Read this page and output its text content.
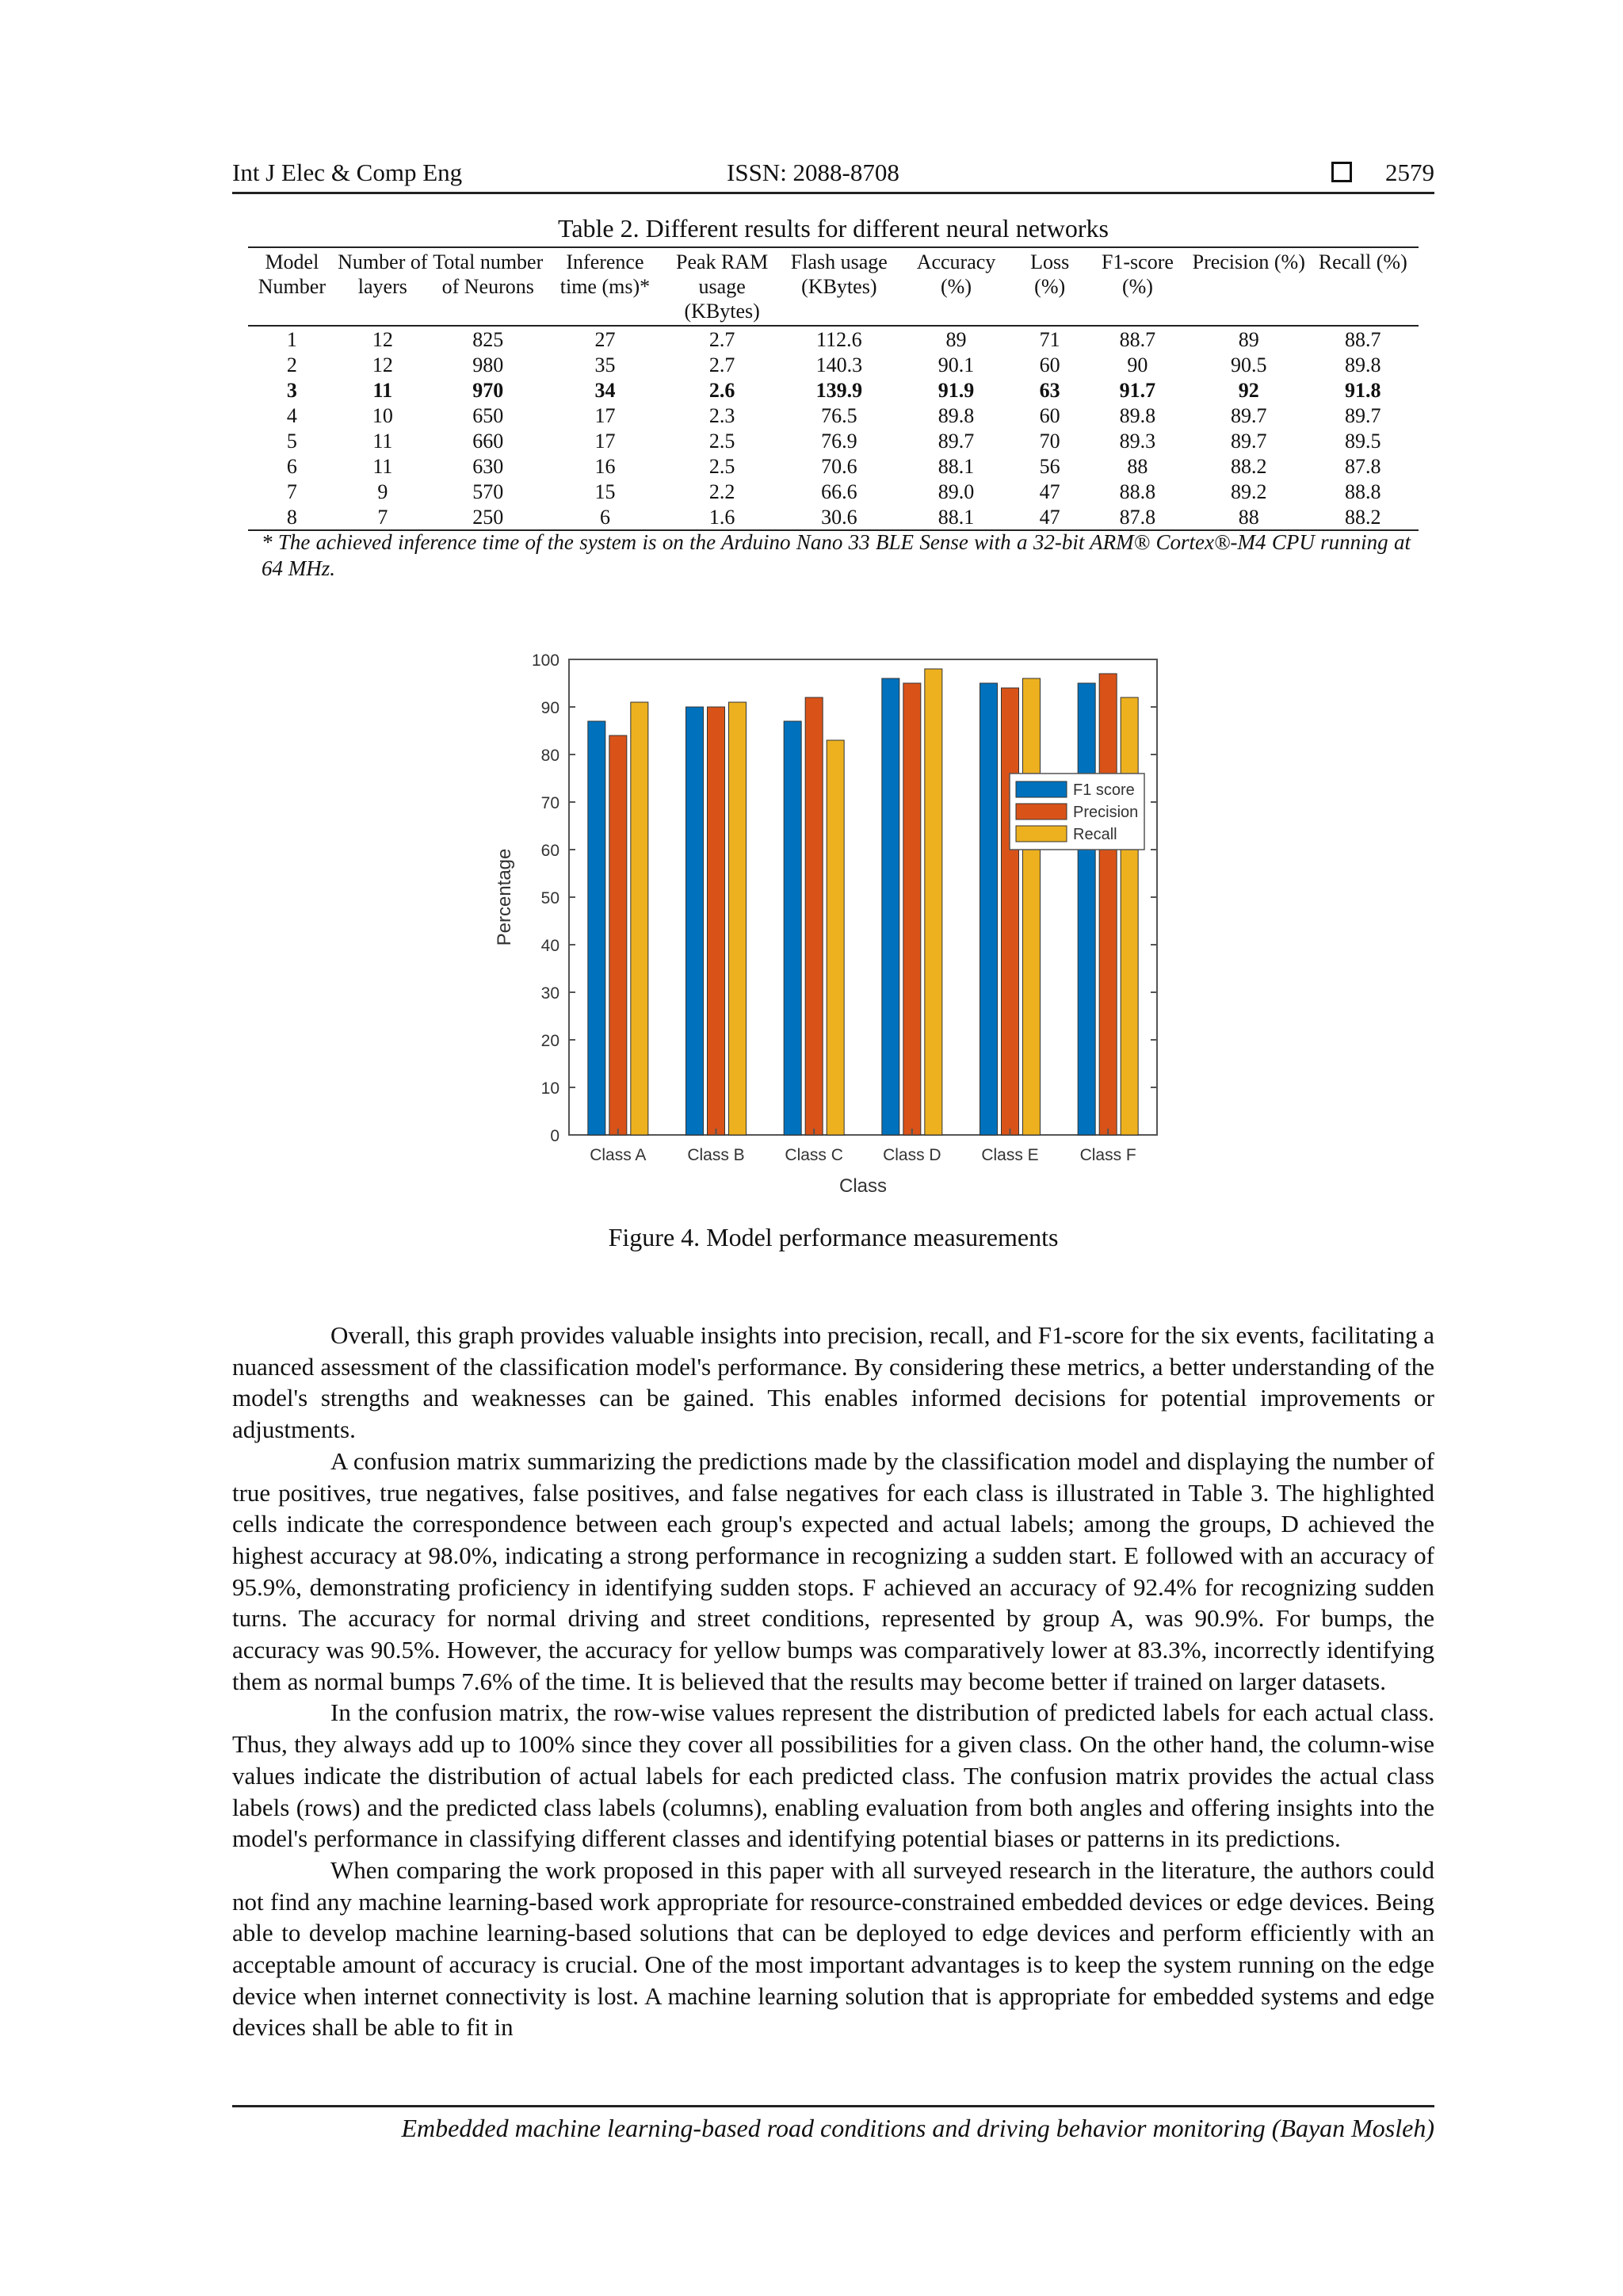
Int J Elec & Comp Eng	ISSN: 2088-8708	2579
Table 2. Different results for different neural networks
Model Number	Number of layers	Total number of Neurons	Inference time (ms)*	Peak RAM usage (KBytes)	Flash usage (KBytes)	Accuracy (%)	Loss (%)	F1-score (%)	Precision (%)	Recall (%)
1	12	825	27	2.7	112.6	89	71	88.7	89	88.7
2	12	980	35	2.7	140.3	90.1	60	90	90.5	89.8
3	11	970	34	2.6	139.9	91.9	63	91.7	92	91.8
4	10	650	17	2.3	76.5	89.8	60	89.8	89.7	89.7
5	11	660	17	2.5	76.9	89.7	70	89.3	89.7	89.5
6	11	630	16	2.5	70.6	88.1	56	88	88.2	87.8
7	9	570	15	2.2	66.6	89.0	47	88.8	89.2	88.8
8	7	250	6	1.6	30.6	88.1	47	87.8	88	88.2
* The achieved inference time of the system is on the Arduino Nano 33 BLE Sense with a 32-bit ARM® Cortex®-M4 CPU running at 64 MHz.
0
10
20
30
40
50
60
70
80
90
100
Class A Class B Class C Class D Class E Class F
Percentage
Class
F1 score
Precision
Recall
Figure 4. Model performance measurements

Overall, this graph provides valuable insights into precision, recall, and F1-score for the six events, facilitating a nuanced assessment of the classification model's performance. By considering these metrics, a better understanding of the model's strengths and weaknesses can be gained. This enables informed decisions for potential improvements or adjustments.

A confusion matrix summarizing the predictions made by the classification model and displaying the number of true positives, true negatives, false positives, and false negatives for each class is illustrated in Table 3. The highlighted cells indicate the correspondence between each group's expected and actual labels; among the groups, D achieved the highest accuracy at 98.0%, indicating a strong performance in recognizing a sudden start. E followed with an accuracy of 95.9%, demonstrating proficiency in identifying sudden stops. F achieved an accuracy of 92.4% for recognizing sudden turns. The accuracy for normal driving and street conditions, represented by group A, was 90.9%. For bumps, the accuracy was 90.5%. However, the accuracy for yellow bumps was comparatively lower at 83.3%, incorrectly identifying them as normal bumps 7.6% of the time. It is believed that the results may become better if trained on larger datasets.

In the confusion matrix, the row-wise values represent the distribution of predicted labels for each actual class. Thus, they always add up to 100% since they cover all possibilities for a given class. On the other hand, the column-wise values indicate the distribution of actual labels for each predicted class. The confusion matrix provides the actual class labels (rows) and the predicted class labels (columns), enabling evaluation from both angles and offering insights into the model's performance in classifying different classes and identifying potential biases or patterns in its predictions.

When comparing the work proposed in this paper with all surveyed research in the literature, the authors could not find any machine learning-based work appropriate for resource-constrained embedded devices or edge devices. Being able to develop machine learning-based solutions that can be deployed to edge devices and perform efficiently with an acceptable amount of accuracy is crucial. One of the most important advantages is to keep the system running on the edge device when internet connectivity is lost. A machine learning solution that is appropriate for embedded systems and edge devices shall be able to fit in

Embedded machine learning-based road conditions and driving behavior monitoring (Bayan Mosleh)
